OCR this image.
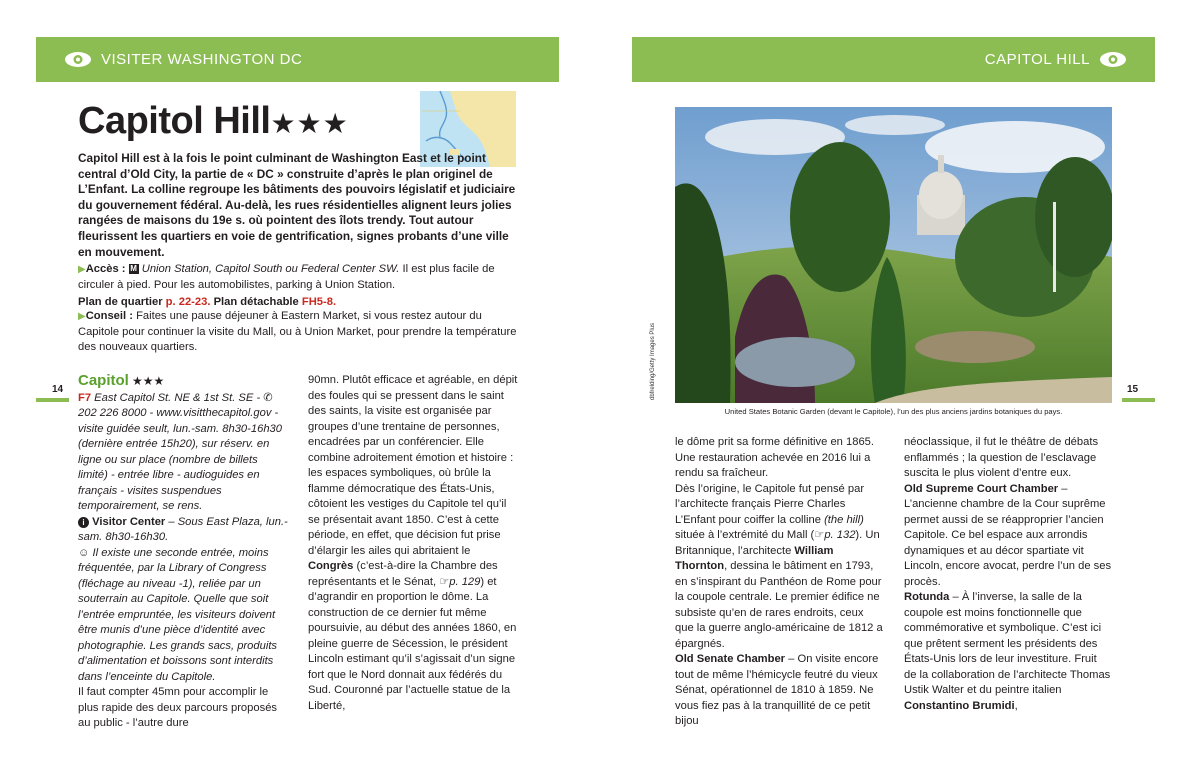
VISITER WASHINGTON DC	CAPITOL HILL
Capitol Hill★★★
Capitol Hill est à la fois le point culminant de Washington East et le point central d’Old City, la partie de « DC » construite d’après le plan originel de L’Enfant. La colline regroupe les bâtiments des pouvoirs législatif et judiciaire du gouvernement fédéral. Au-delà, les rues résidentielles alignent leurs jolies rangées de maisons du 19e s. où pointent des îlots trendy. Tout autour fleurissent les quartiers en voie de gentrification, signes probants d’une ville en mouvement.

▶Accès : M Union Station, Capitol South ou Federal Center SW. Il est plus facile de circuler à pied. Pour les automobilistes, parking à Union Station.

Plan de quartier p. 22-23. Plan détachable FH5-8.

▶Conseil : Faites une pause déjeuner à Eastern Market, si vous restez autour du Capitole pour continuer la visite du Mall, ou à Union Market, pour prendre la température des nouveaux quartiers.

14
Capitol ★★★

F7 East Capitol St. NE & 1st St. SE - ✆ 202 226 8000 - www.visitthecapitol.gov - visite guidée seult, lun.-sam. 8h30-16h30 (dernière entrée 15h20), sur réserv. en ligne ou sur place (nombre de billets limité) - entrée libre - audioguides en français - visites suspendues temporairement, se rens.

i Visitor Center – Sous East Plaza, lun.-sam. 8h30-16h30.

☺ Il existe une seconde entrée, moins fréquentée, par la Library of Congress (fléchage au niveau -1), reliée par un souterrain au Capitole. Quelle que soit l’entrée empruntée, les visiteurs doivent être munis d’une pièce d’identité avec photographie. Les grands sacs, produits d’alimentation et boissons sont interdits dans l’enceinte du Capitole.

Il faut compter 45mn pour accomplir le plus rapide des deux parcours proposés au public - l’autre dure

90mn. Plutôt efficace et agréable, en dépit des foules qui se pressent dans le saint des saints, la visite est organisée par groupes d’une trentaine de personnes, encadrées par un conférencier. Elle combine adroitement émotion et histoire : les espaces symboliques, où brûle la flamme démocratique des États-Unis, côtoient les vestiges du Capitole tel qu’il se présentait avant 1850. C’est à cette période, en effet, que décision fut prise d’élargir les ailes qui abritaient le Congrès (c’est-à-dire la Chambre des représentants et le Sénat, ☞p. 129) et d’agrandir en proportion le dôme. La construction de ce dernier fut même poursuivie, au début des années 1860, en pleine guerre de Sécession, le président Lincoln estimant qu’il s’agissait d’un signe fort que le Nord donnait aux fédérés du Sud. Couronné par l’actuelle statue de la Liberté,

dbfrelding/Getty Images Plus
United States Botanic Garden (devant le Capitole), l’un des plus anciens jardins botaniques du pays.
15

le dôme prit sa forme définitive en 1865. Une restauration achevée en 2016 lui a rendu sa fraîcheur.

Dès l’origine, le Capitole fut pensé par l’architecte français Pierre Charles L’Enfant pour coiffer la colline (the hill) située à l’extrémité du Mall (☞p. 132). Un Britannique, l’architecte William Thornton, dessina le bâtiment en 1793, en s’inspirant du Panthéon de Rome pour la coupole centrale. Le premier édifice ne subsiste qu’en de rares endroits, ceux que la guerre anglo-américaine de 1812 a épargnés.

Old Senate Chamber – On visite encore tout de même l’hémicycle feutré du vieux Sénat, opérationnel de 1810 à 1859. Ne vous fiez pas à la tranquillité de ce petit bijou

néoclassique, il fut le théâtre de débats enflammés ; la question de l’esclavage suscita le plus violent d’entre eux.

Old Supreme Court Chamber – L’ancienne chambre de la Cour suprême permet aussi de se réapproprier l’ancien Capitole. Ce bel espace aux arrondis dynamiques et au décor spartiate vit Lincoln, encore avocat, perdre l’un de ses procès.

Rotunda – À l’inverse, la salle de la coupole est moins fonctionnelle que commémorative et symbolique. C’est ici que prêtent serment les présidents des États-Unis lors de leur investiture. Fruit de la collaboration de l’architecte Thomas Ustik Walter et du peintre italien Constantino Brumidi,
